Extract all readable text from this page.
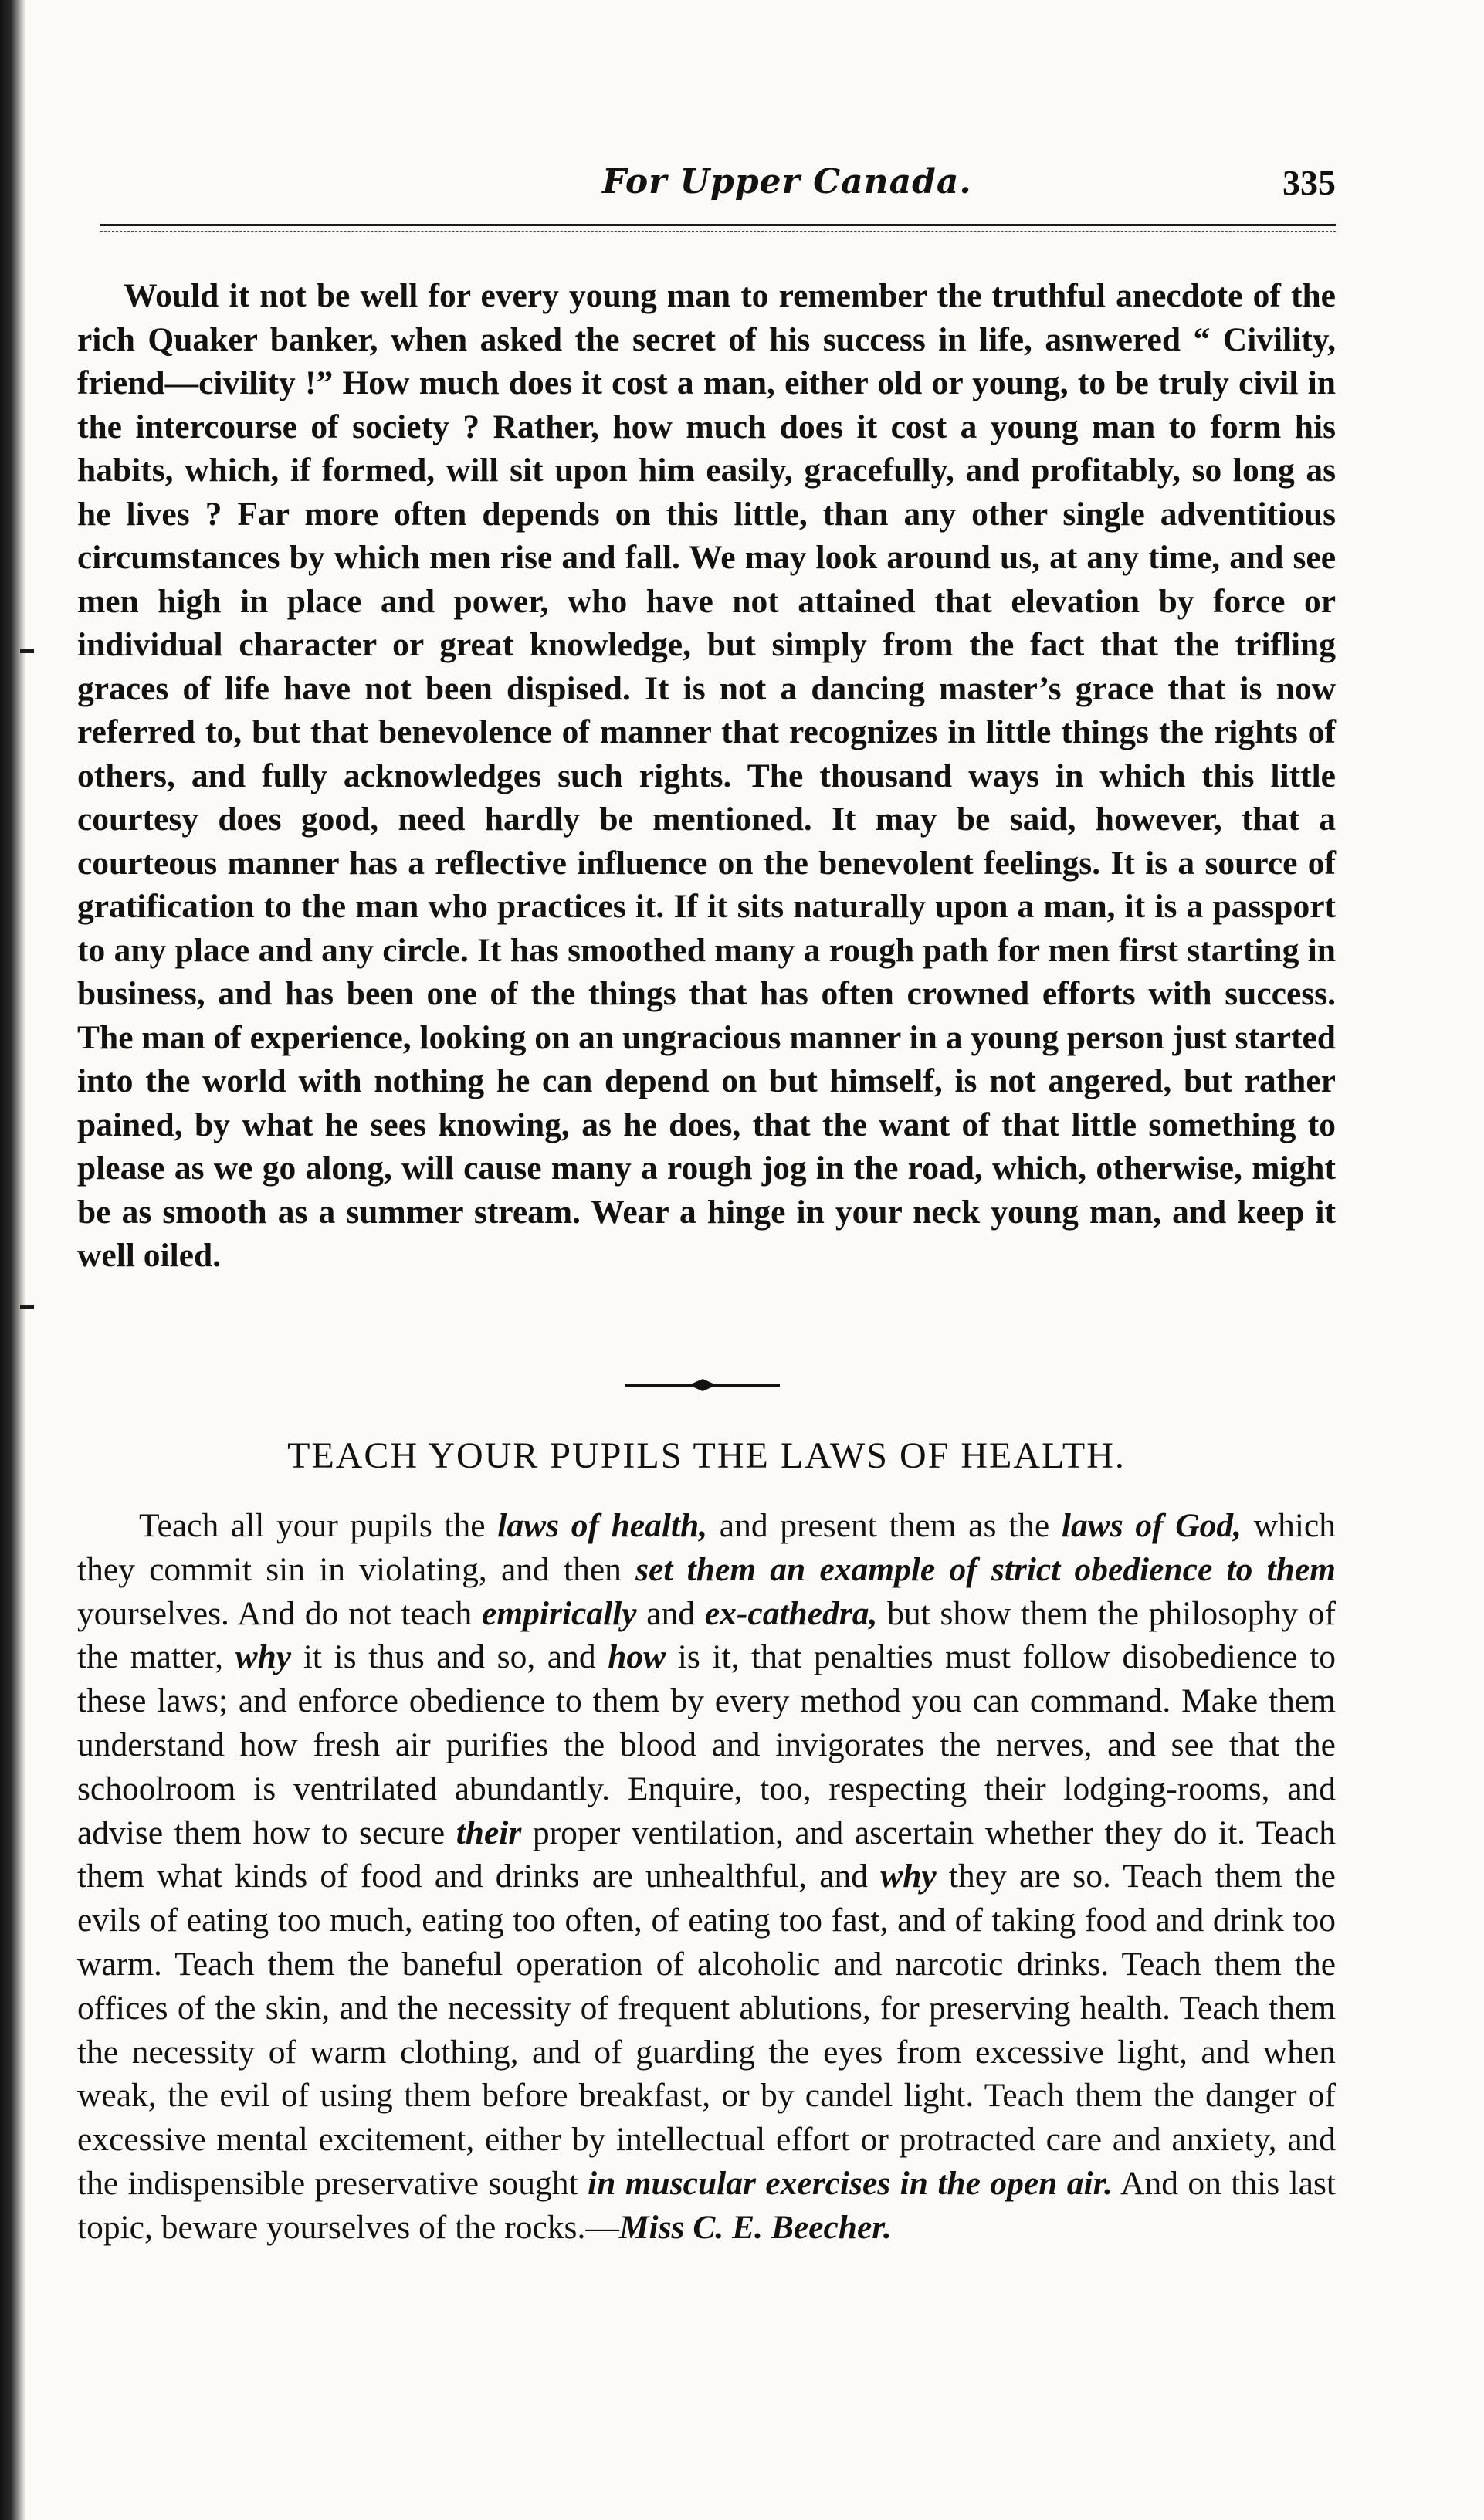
For Upper Canada.	335

Would it not be well for every young man to remember the truthful anecdote of the rich Quaker banker, when asked the secret of his success in life, asnwered “ Civility, friend—civility !” How much does it cost a man, either old or young, to be truly civil in the intercourse of society ? Rather, how much does it cost a young man to form his habits, which, if formed, will sit upon him easily, gracefully, and profitably, so long as he lives ? Far more often depends on this little, than any other single adventitious circumstances by which men rise and fall. We may look around us, at any time, and see men high in place and power, who have not attained that elevation by force or individual character or great knowledge, but simply from the fact that the trifling graces of life have not been dispised. It is not a dancing master’s grace that is now referred to, but that benevolence of manner that recognizes in little things the rights of others, and fully acknowledges such rights. The thousand ways in which this little courtesy does good, need hardly be mentioned. It may be said, however, that a courteous manner has a reflective influence on the benevolent feelings. It is a source of gratification to the man who practices it. If it sits naturally upon a man, it is a passport to any place and any circle. It has smoothed many a rough path for men first starting in business, and has been one of the things that has often crowned efforts with success. The man of experience, looking on an ungracious manner in a young person just started into the world with nothing he can depend on but himself, is not angered, but rather pained, by what he sees knowing, as he does, that the want of that little something to please as we go along, will cause many a rough jog in the road, which, otherwise, might be as smooth as a summer stream. Wear a hinge in your neck young man, and keep it well oiled.

TEACH YOUR PUPILS THE LAWS OF HEALTH.

Teach all your pupils the laws of health, and present them as the laws of God, which they commit sin in violating, and then set them an example of strict obedience to them yourselves. And do not teach empirically and ex-cathedra, but show them the philosophy of the matter, why it is thus and so, and how is it, that penalties must follow disobedience to these laws; and enforce obedience to them by every method you can command. Make them understand how fresh air purifies the blood and invigorates the nerves, and see that the schoolroom is ventrilated abundantly. Enquire, too, respecting their lodging-rooms, and advise them how to secure their proper ventilation, and ascertain whether they do it. Teach them what kinds of food and drinks are unhealthful, and why they are so. Teach them the evils of eating too much, eating too often, of eating too fast, and of taking food and drink too warm. Teach them the baneful operation of alcoholic and narcotic drinks. Teach them the offices of the skin, and the necessity of frequent ablutions, for preserving health. Teach them the necessity of warm clothing, and of guarding the eyes from excessive light, and when weak, the evil of using them before breakfast, or by candel light. Teach them the danger of excessive mental excitement, either by intellectual effort or protracted care and anxiety, and the indispensible preservative sought in muscular exercises in the open air. And on this last topic, beware yourselves of the rocks.—Miss C. E. Beecher.
